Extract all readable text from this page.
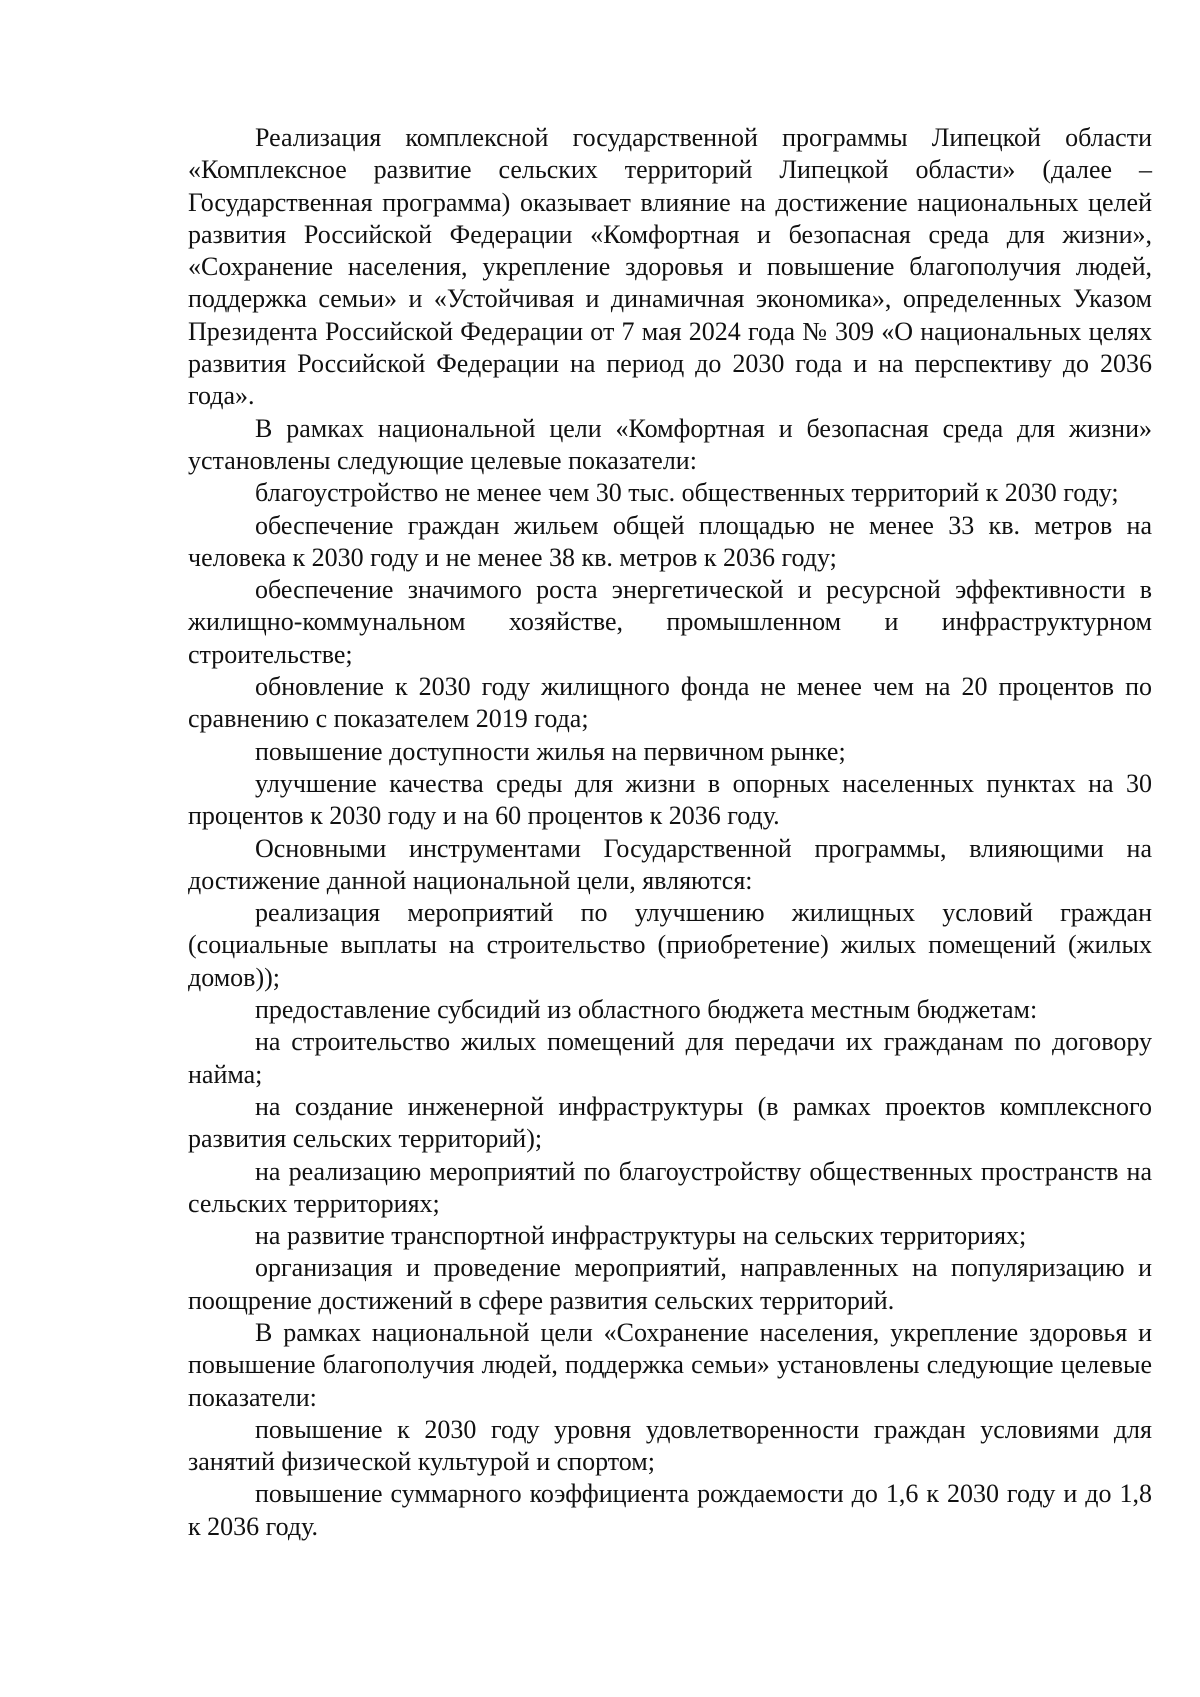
Реализация комплексной государственной программы Липецкой области «Комплексное развитие сельских территорий Липецкой области» (далее – Государственная программа) оказывает влияние на достижение национальных целей развития Российской Федерации «Комфортная и безопасная среда для жизни», «Сохранение населения, укрепление здоровья и повышение благополучия людей, поддержка семьи» и «Устойчивая и динамичная экономика», определенных Указом Президента Российской Федерации от 7 мая 2024 года № 309 «О национальных целях развития Российской Федерации на период до 2030 года и на перспективу до 2036 года».

В рамках национальной цели «Комфортная и безопасная среда для жизни» установлены следующие целевые показатели:

благоустройство не менее чем 30 тыс. общественных территорий к 2030 году;

обеспечение граждан жильем общей площадью не менее 33 кв. метров на человека к 2030 году и не менее 38 кв. метров к 2036 году;

обеспечение значимого роста энергетической и ресурсной эффективности в жилищно-коммунальном хозяйстве, промышленном и инфраструктурном строительстве;

обновление к 2030 году жилищного фонда не менее чем на 20 процентов по сравнению с показателем 2019 года;

повышение доступности жилья на первичном рынке;

улучшение качества среды для жизни в опорных населенных пунктах на 30 процентов к 2030 году и на 60 процентов к 2036 году.

Основными инструментами Государственной программы, влияющими на достижение данной национальной цели, являются:

реализация мероприятий по улучшению жилищных условий граждан (социальные выплаты на строительство (приобретение) жилых помещений (жилых домов));

предоставление субсидий из областного бюджета местным бюджетам:

на строительство жилых помещений для передачи их гражданам по договору найма;

на создание инженерной инфраструктуры (в рамках проектов комплексного развития сельских территорий);

на реализацию мероприятий по благоустройству общественных пространств на сельских территориях;

на развитие транспортной инфраструктуры на сельских территориях;

организация и проведение мероприятий, направленных на популяризацию и поощрение достижений в сфере развития сельских территорий.

В рамках национальной цели «Сохранение населения, укрепление здоровья и повышение благополучия людей, поддержка семьи» установлены следующие целевые показатели:

повышение к 2030 году уровня удовлетворенности граждан условиями для занятий физической культурой и спортом;

повышение суммарного коэффициента рождаемости до 1,6 к 2030 году и до 1,8 к 2036 году.
